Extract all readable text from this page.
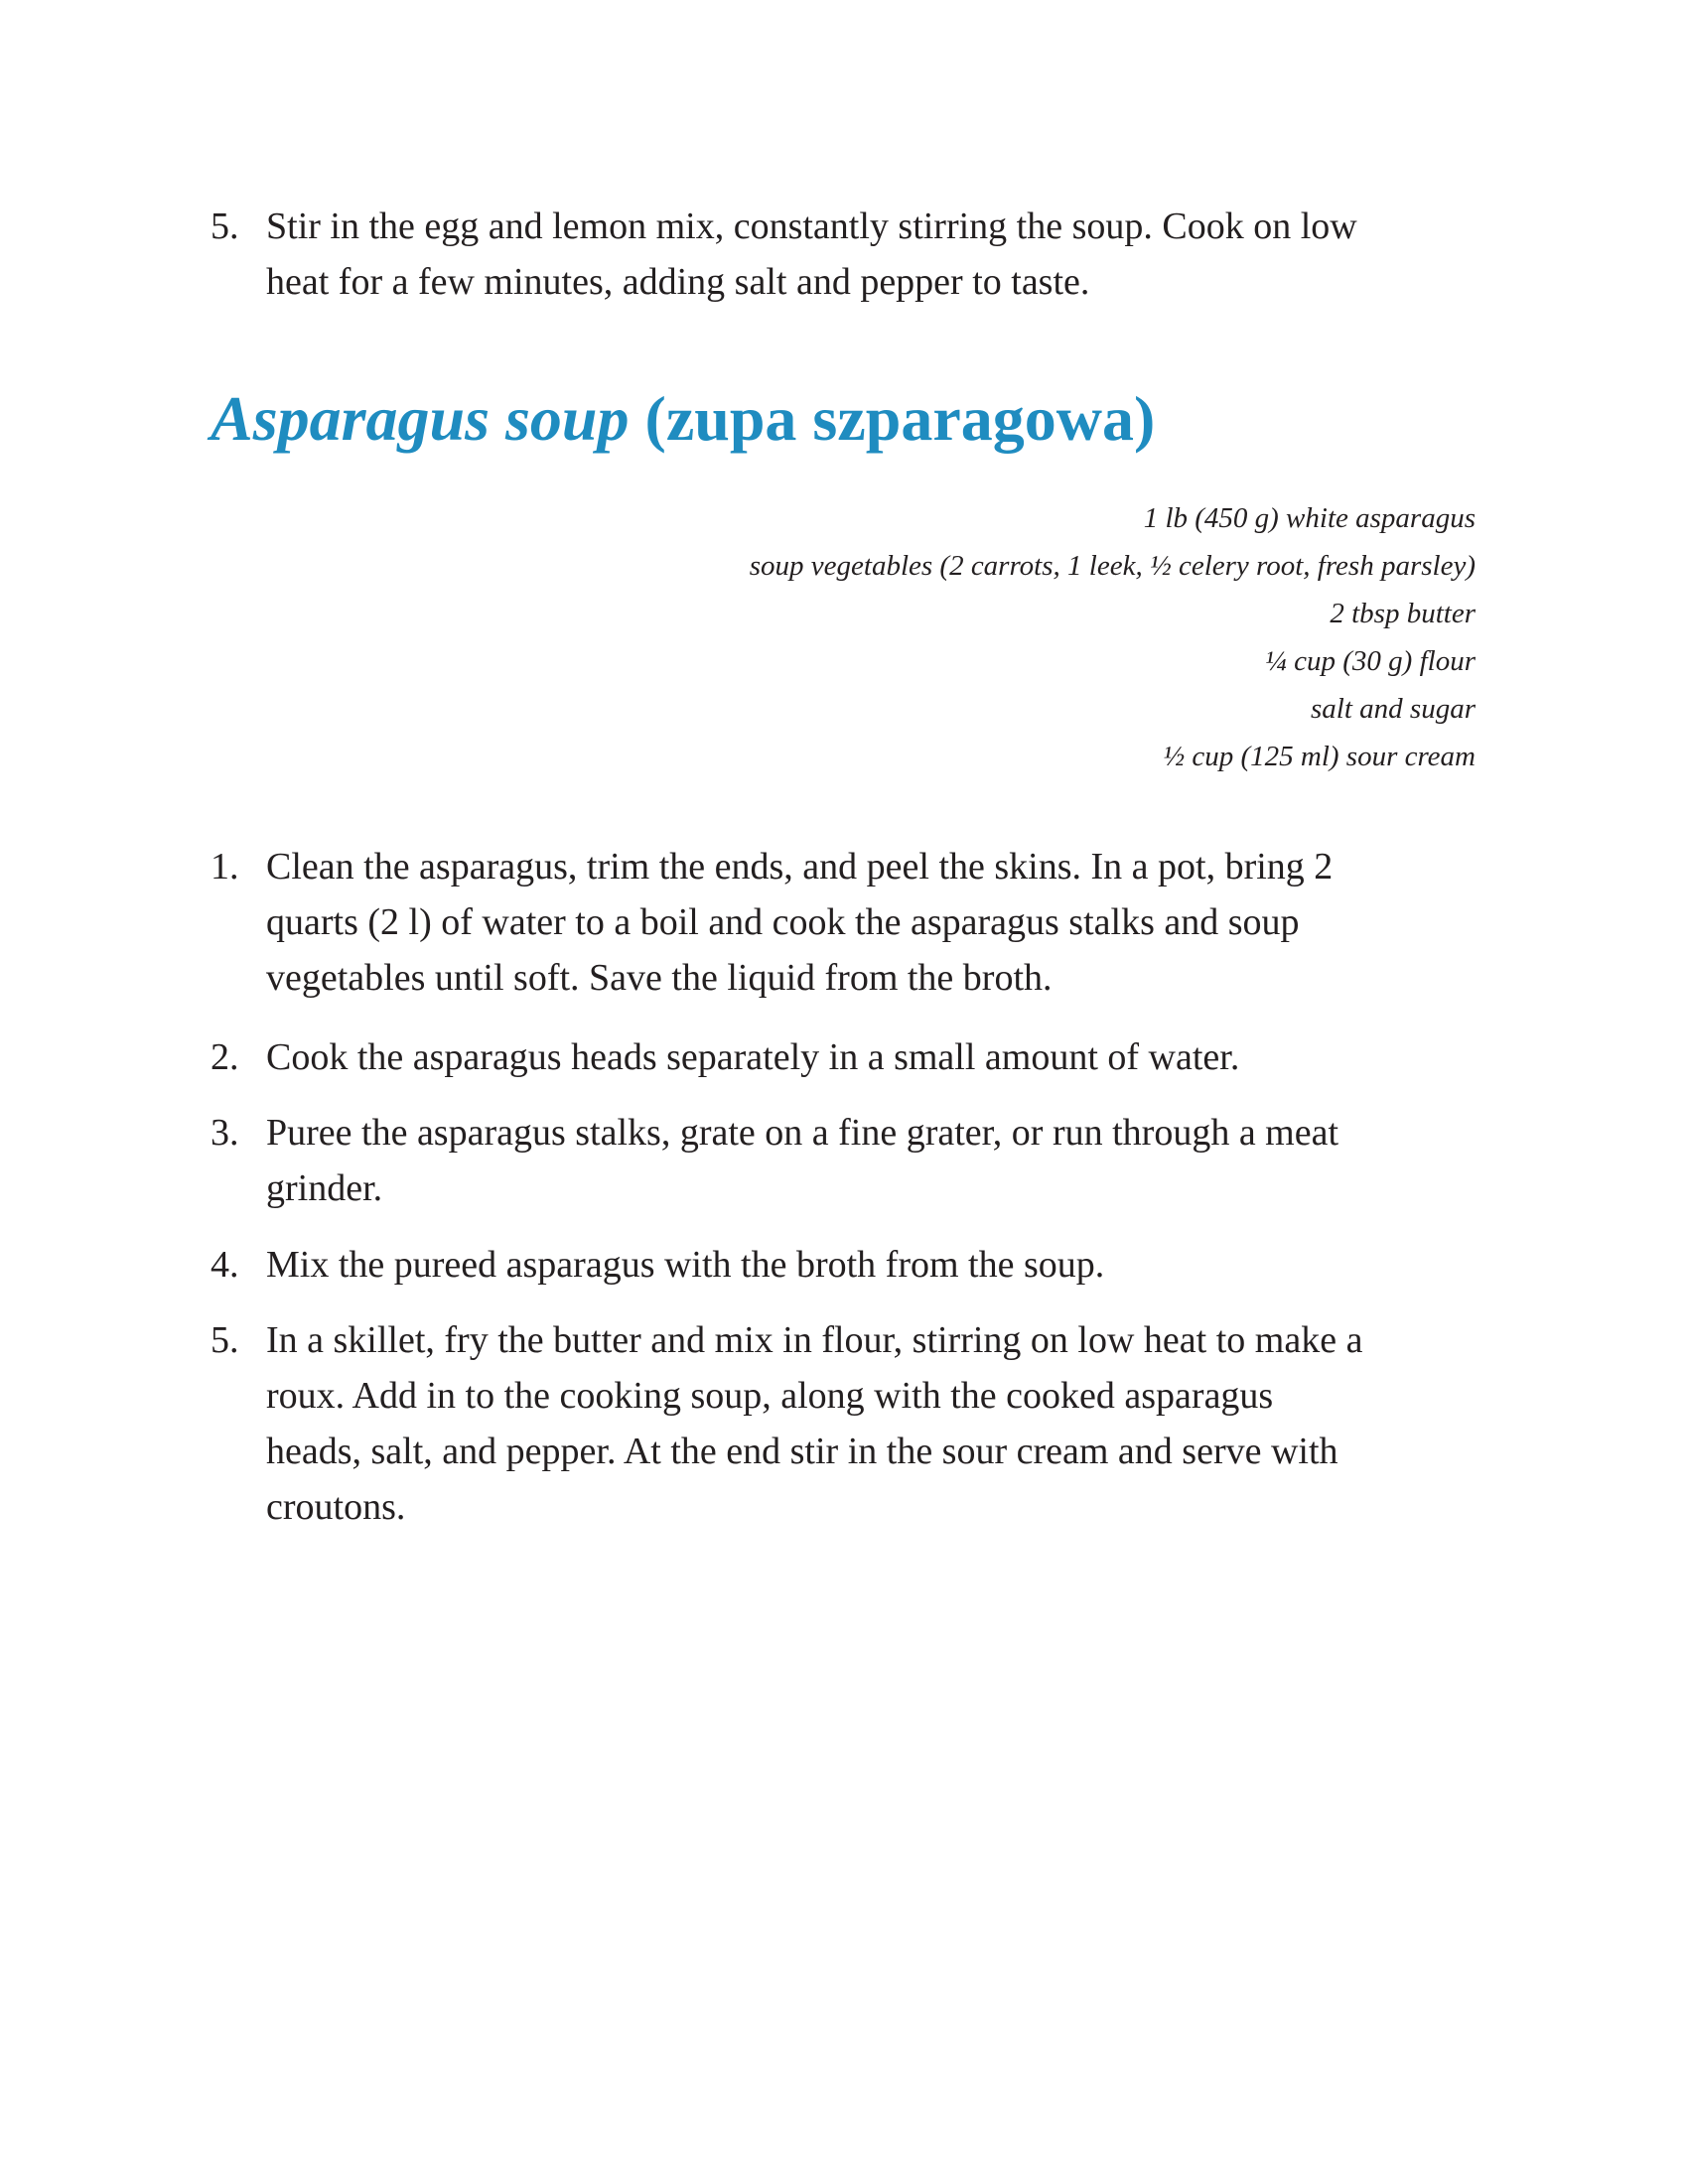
5. Stir in the egg and lemon mix, constantly stirring the soup. Cook on low
heat for a few minutes, adding salt and pepper to taste.
Asparagus soup (zupa szparagowa)
1 lb (450 g) white asparagus
soup vegetables (2 carrots, 1 leek, ½ celery root, fresh parsley)
2 tbsp butter
¼ cup (30 g) flour
salt and sugar
½ cup (125 ml) sour cream
1. Clean the asparagus, trim the ends, and peel the skins. In a pot, bring 2
quarts (2 l) of water to a boil and cook the asparagus stalks and soup
vegetables until soft. Save the liquid from the broth.
2. Cook the asparagus heads separately in a small amount of water.
3. Puree the asparagus stalks, grate on a fine grater, or run through a meat
grinder.
4. Mix the pureed asparagus with the broth from the soup.
5. In a skillet, fry the butter and mix in flour, stirring on low heat to make a
roux. Add in to the cooking soup, along with the cooked asparagus
heads, salt, and pepper. At the end stir in the sour cream and serve with
croutons.
